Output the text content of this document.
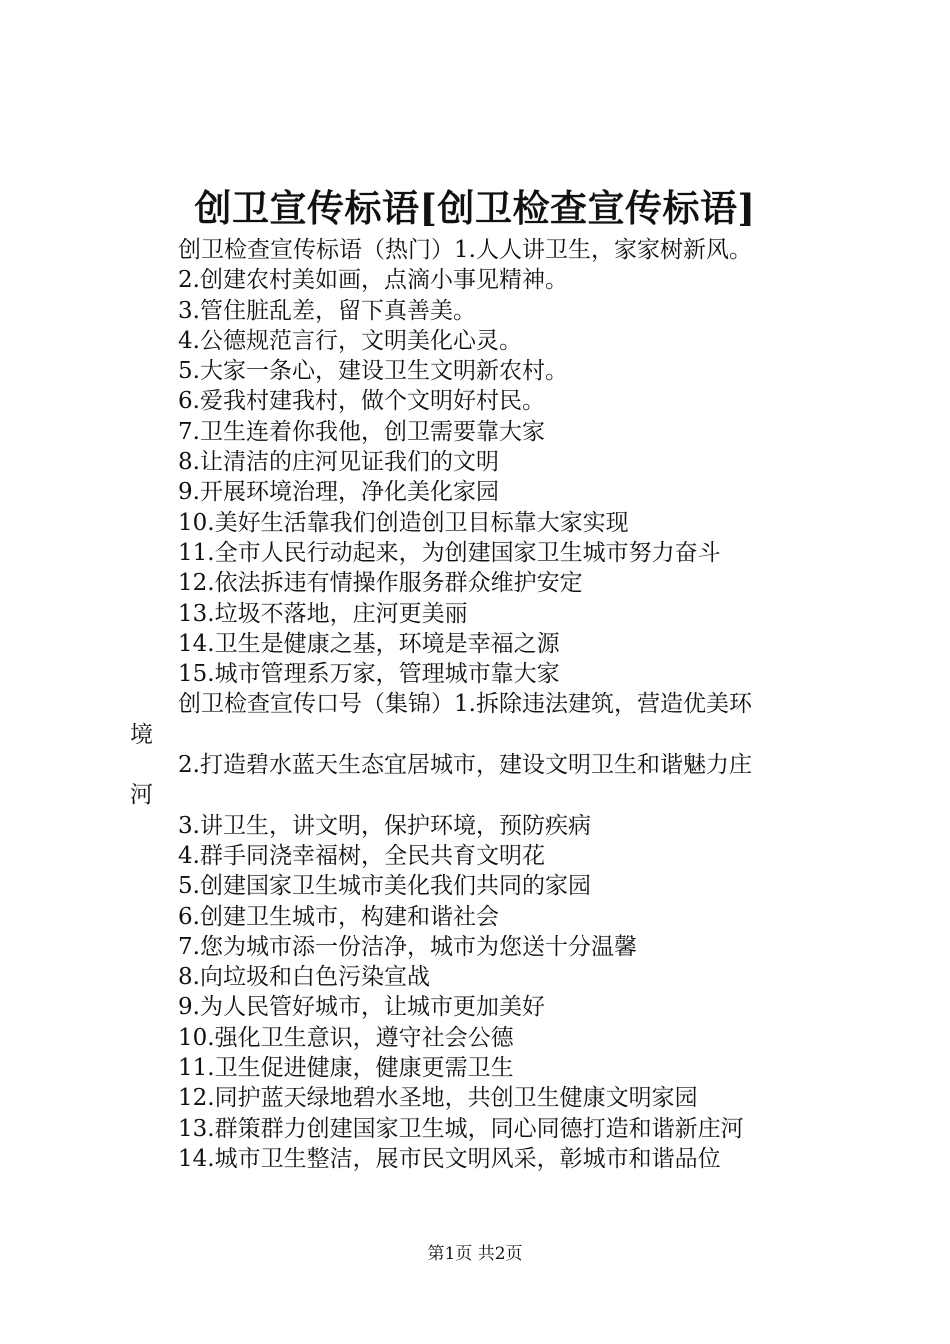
创卫宣传标语[创卫检查宣传标语]
创卫检查宣传标语（热门）1.人人讲卫生，家家树新风。
2.创建农村美如画，点滴小事见精神。
3.管住脏乱差，留下真善美。
4.公德规范言行，文明美化心灵。
5.大家一条心，建设卫生文明新农村。
6.爱我村建我村，做个文明好村民。
7.卫生连着你我他，创卫需要靠大家
8.让清洁的庄河见证我们的文明
9.开展环境治理，净化美化家园
10.美好生活靠我们创造创卫目标靠大家实现
11.全市人民行动起来，为创建国家卫生城市努力奋斗
12.依法拆违有情操作服务群众维护安定
13.垃圾不落地，庄河更美丽
14.卫生是健康之基，环境是幸福之源
15.城市管理系万家，管理城市靠大家
创卫检查宣传口号（集锦）1.拆除违法建筑，营造优美环
境
2.打造碧水蓝天生态宜居城市，建设文明卫生和谐魅力庄
河
3.讲卫生，讲文明，保护环境，预防疾病
4.群手同浇幸福树，全民共育文明花
5.创建国家卫生城市美化我们共同的家园
6.创建卫生城市，构建和谐社会
7.您为城市添一份洁净，城市为您送十分温馨
8.向垃圾和白色污染宣战
9.为人民管好城市，让城市更加美好
10.强化卫生意识，遵守社会公德
11.卫生促进健康，健康更需卫生
12.同护蓝天绿地碧水圣地，共创卫生健康文明家园
13.群策群力创建国家卫生城，同心同德打造和谐新庄河
14.城市卫生整洁，展市民文明风采，彰城市和谐品位
第1页 共2页
